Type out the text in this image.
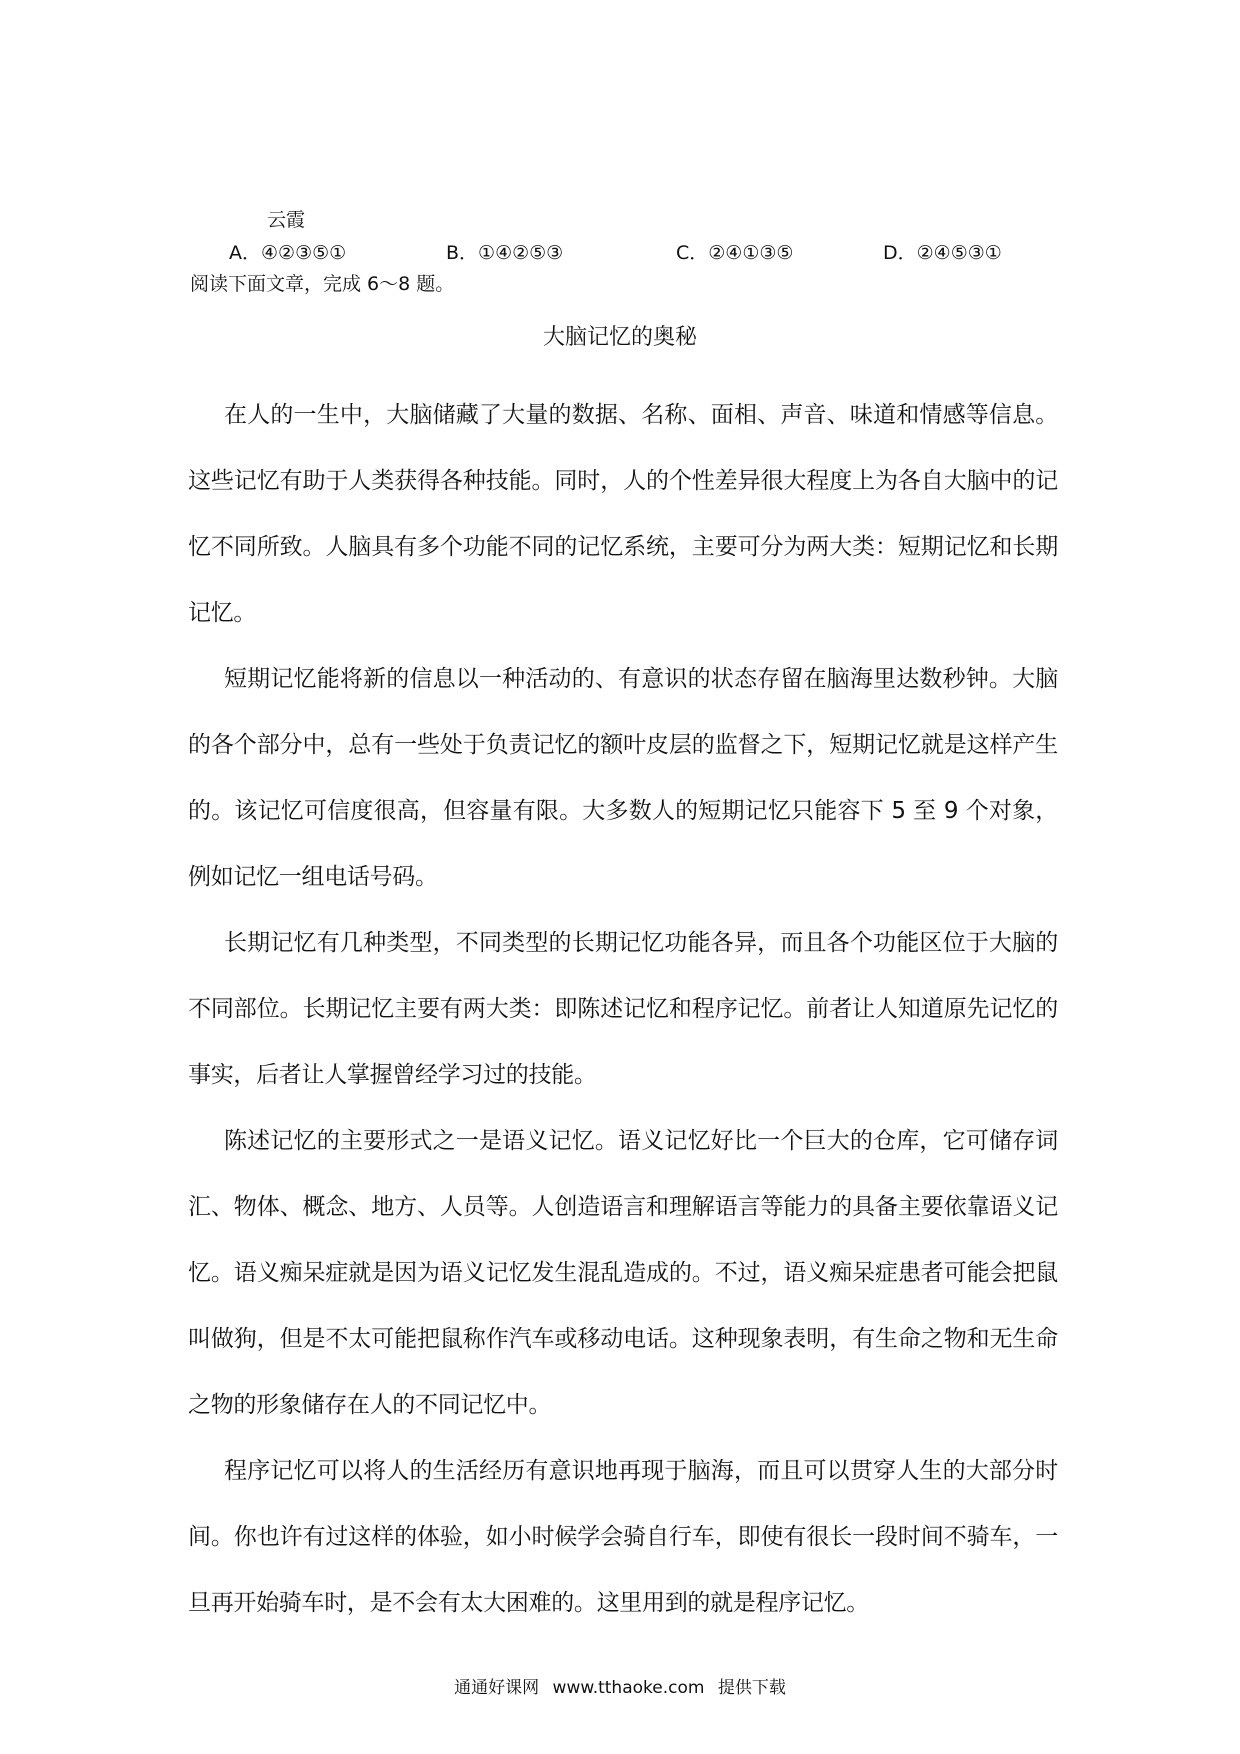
云霞
A．④②③⑤①	B．①④②⑤③	C．②④①③⑤	D．②④⑤③①
阅读下面文章，完成 6～8 题。
大脑记忆的奥秘

在人的一生中，大脑储藏了大量的数据、名称、面相、声音、味道和情感等信息。这些记忆有助于人类获得各种技能。同时，人的个性差异很大程度上为各自大脑中的记忆不同所致。人脑具有多个功能不同的记忆系统，主要可分为两大类：短期记忆和长期记忆。

短期记忆能将新的信息以一种活动的、有意识的状态存留在脑海里达数秒钟。大脑的各个部分中，总有一些处于负责记忆的额叶皮层的监督之下，短期记忆就是这样产生的。该记忆可信度很高，但容量有限。大多数人的短期记忆只能容下 5 至 9 个对象，例如记忆一组电话号码。

长期记忆有几种类型，不同类型的长期记忆功能各异，而且各个功能区位于大脑的不同部位。长期记忆主要有两大类：即陈述记忆和程序记忆。前者让人知道原先记忆的事实，后者让人掌握曾经学习过的技能。

陈述记忆的主要形式之一是语义记忆。语义记忆好比一个巨大的仓库，它可储存词汇、物体、概念、地方、人员等。人创造语言和理解语言等能力的具备主要依靠语义记忆。语义痴呆症就是因为语义记忆发生混乱造成的。不过，语义痴呆症患者可能会把鼠叫做狗，但是不太可能把鼠称作汽车或移动电话。这种现象表明，有生命之物和无生命之物的形象储存在人的不同记忆中。

程序记忆可以将人的生活经历有意识地再现于脑海，而且可以贯穿人生的大部分时间。你也许有过这样的体验，如小时候学会骑自行车，即使有很长一段时间不骑车，一旦再开始骑车时，是不会有太大困难的。这里用到的就是程序记忆。

通通好课网 www.tthaoke.com 提供下载
